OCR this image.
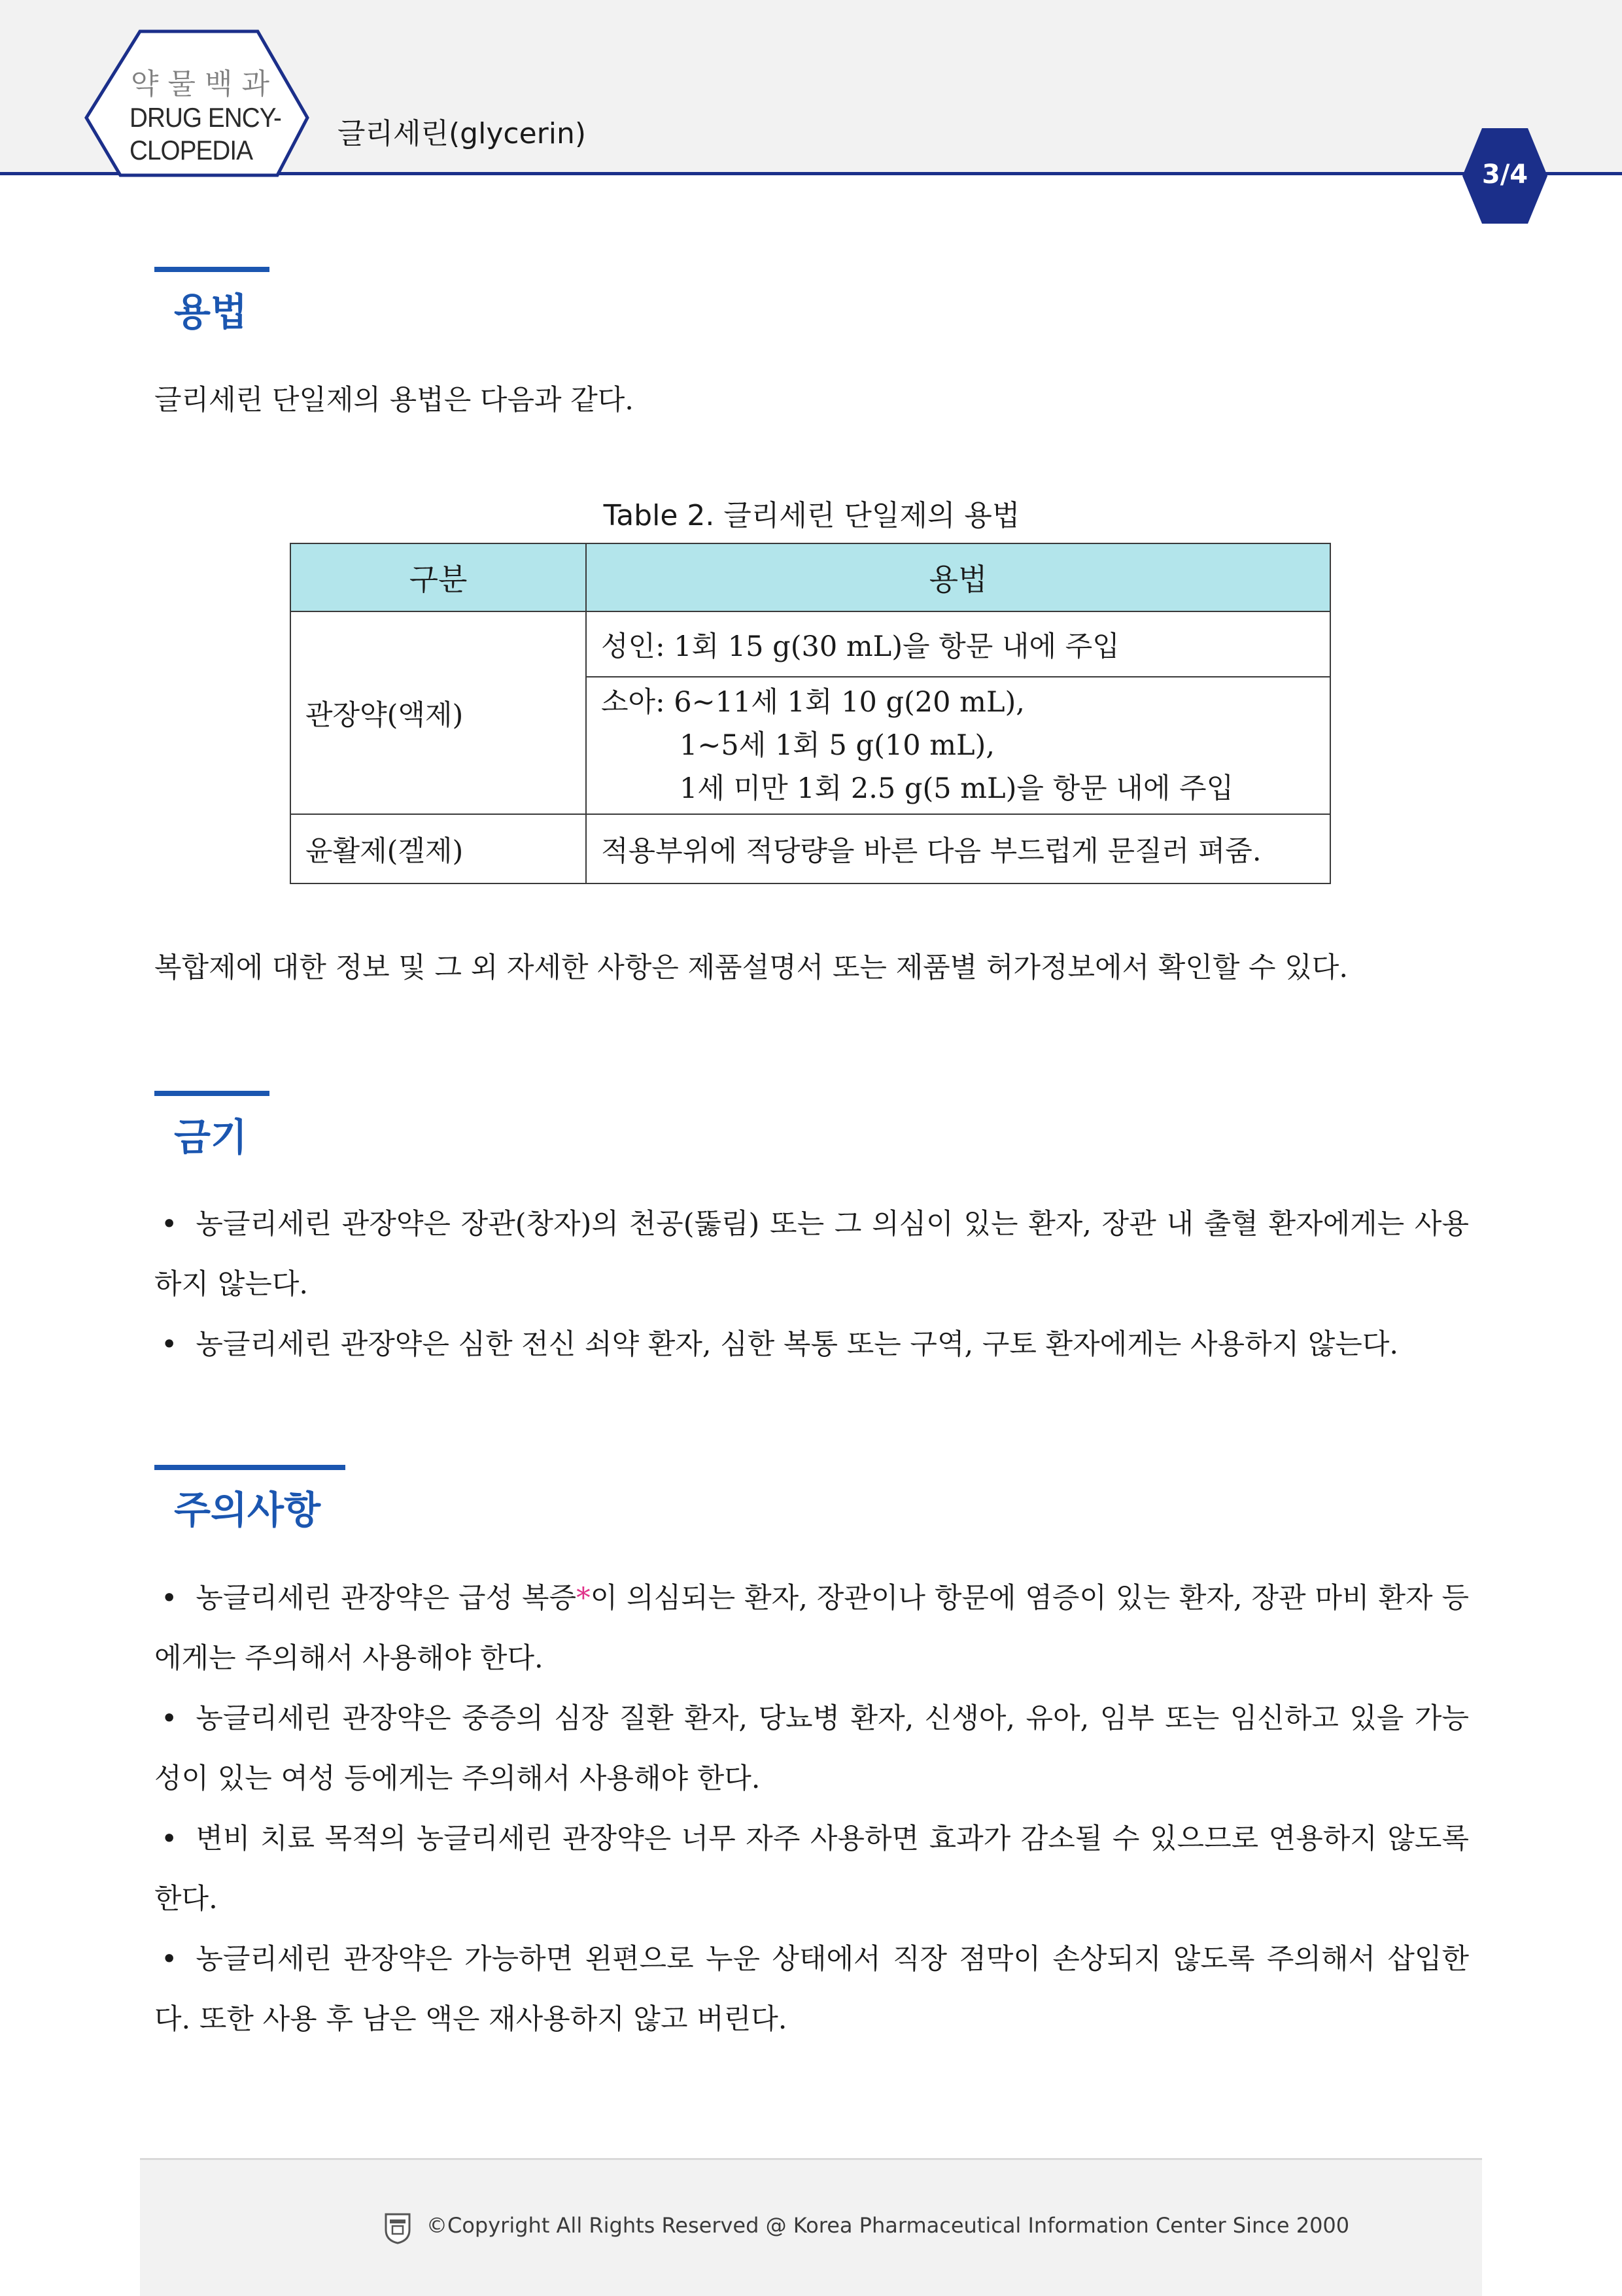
약물백과
DRUG ENCY-
CLOPEDIA	글리세린(glycerin)
3/4
용법

글리세린 단일제의 용법은 다음과 같다.

Table 2. 글리세린 단일제의 용법
구분	용법
관장약(액제)	성인: 1회 15 g(30 mL)을 항문 내에 주입

	소아: 6~11세 1회 10 g(20 mL),
1~5세 1회 5 g(10 mL),
1세 미만 1회 2.5 g(5 mL)을 항문 내에 주입

윤활제(겔제)	적용부위에 적당량을 바른 다음 부드럽게 문질러 펴줌.

복합제에 대한 정보 및 그 외 자세한 사항은 제품설명서 또는 제품별 허가정보에서 확인할 수 있다.

금기

• 농글리세린 관장약은 장관(창자)의 천공(뚫림) 또는 그 의심이 있는 환자, 장관 내 출혈 환자에게는 사용하지 않는다.

• 농글리세린 관장약은 심한 전신 쇠약 환자, 심한 복통 또는 구역, 구토 환자에게는 사용하지 않는다.

주의사항

• 농글리세린 관장약은 급성 복증*이 의심되는 환자, 장관이나 항문에 염증이 있는 환자, 장관 마비 환자 등에게는 주의해서 사용해야 한다.

• 농글리세린 관장약은 중증의 심장 질환 환자, 당뇨병 환자, 신생아, 유아, 임부 또는 임신하고 있을 가능성이 있는 여성 등에게는 주의해서 사용해야 한다.

• 변비 치료 목적의 농글리세린 관장약은 너무 자주 사용하면 효과가 감소될 수 있으므로 연용하지 않도록 한다.

• 농글리세린 관장약은 가능하면 왼편으로 누운 상태에서 직장 점막이 손상되지 않도록 주의해서 삽입한다. 또한 사용 후 남은 액은 재사용하지 않고 버린다.

©Copyright All Rights Reserved @ Korea Pharmaceutical Information Center Since 2000
